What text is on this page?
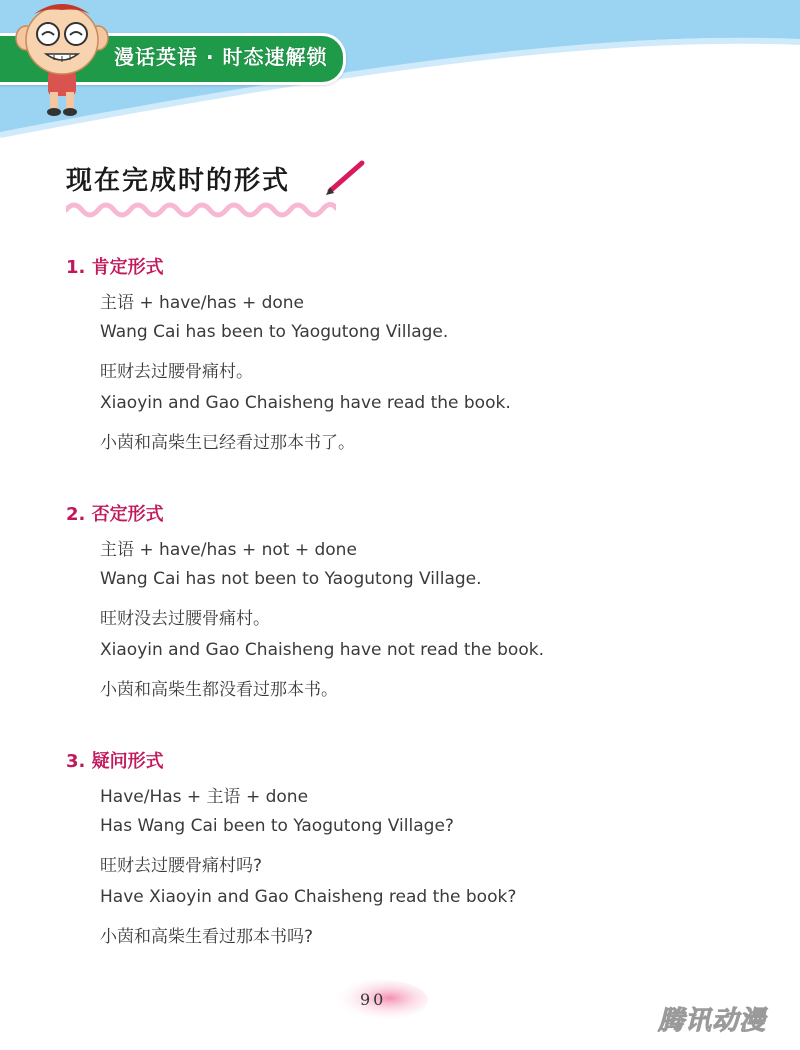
漫话英语 · 时态速解锁
现在完成时的形式
1. 肯定形式
主语 + have/has + done
Wang Cai has been to Yaogutong Village.
旺财去过腰骨痛村。
Xiaoyin and Gao Chaisheng have read the book.
小茵和高柴生已经看过那本书了。
2. 否定形式
主语 + have/has + not + done
Wang Cai has not been to Yaogutong Village.
旺财没去过腰骨痛村。
Xiaoyin and Gao Chaisheng have not read the book.
小茵和高柴生都没看过那本书。
3. 疑问形式
Have/Has + 主语 + done
Has Wang Cai been to Yaogutong Village?
旺财去过腰骨痛村吗?
Have Xiaoyin and Gao Chaisheng read the book?
小茵和高柴生看过那本书吗?
90
腾讯动漫
